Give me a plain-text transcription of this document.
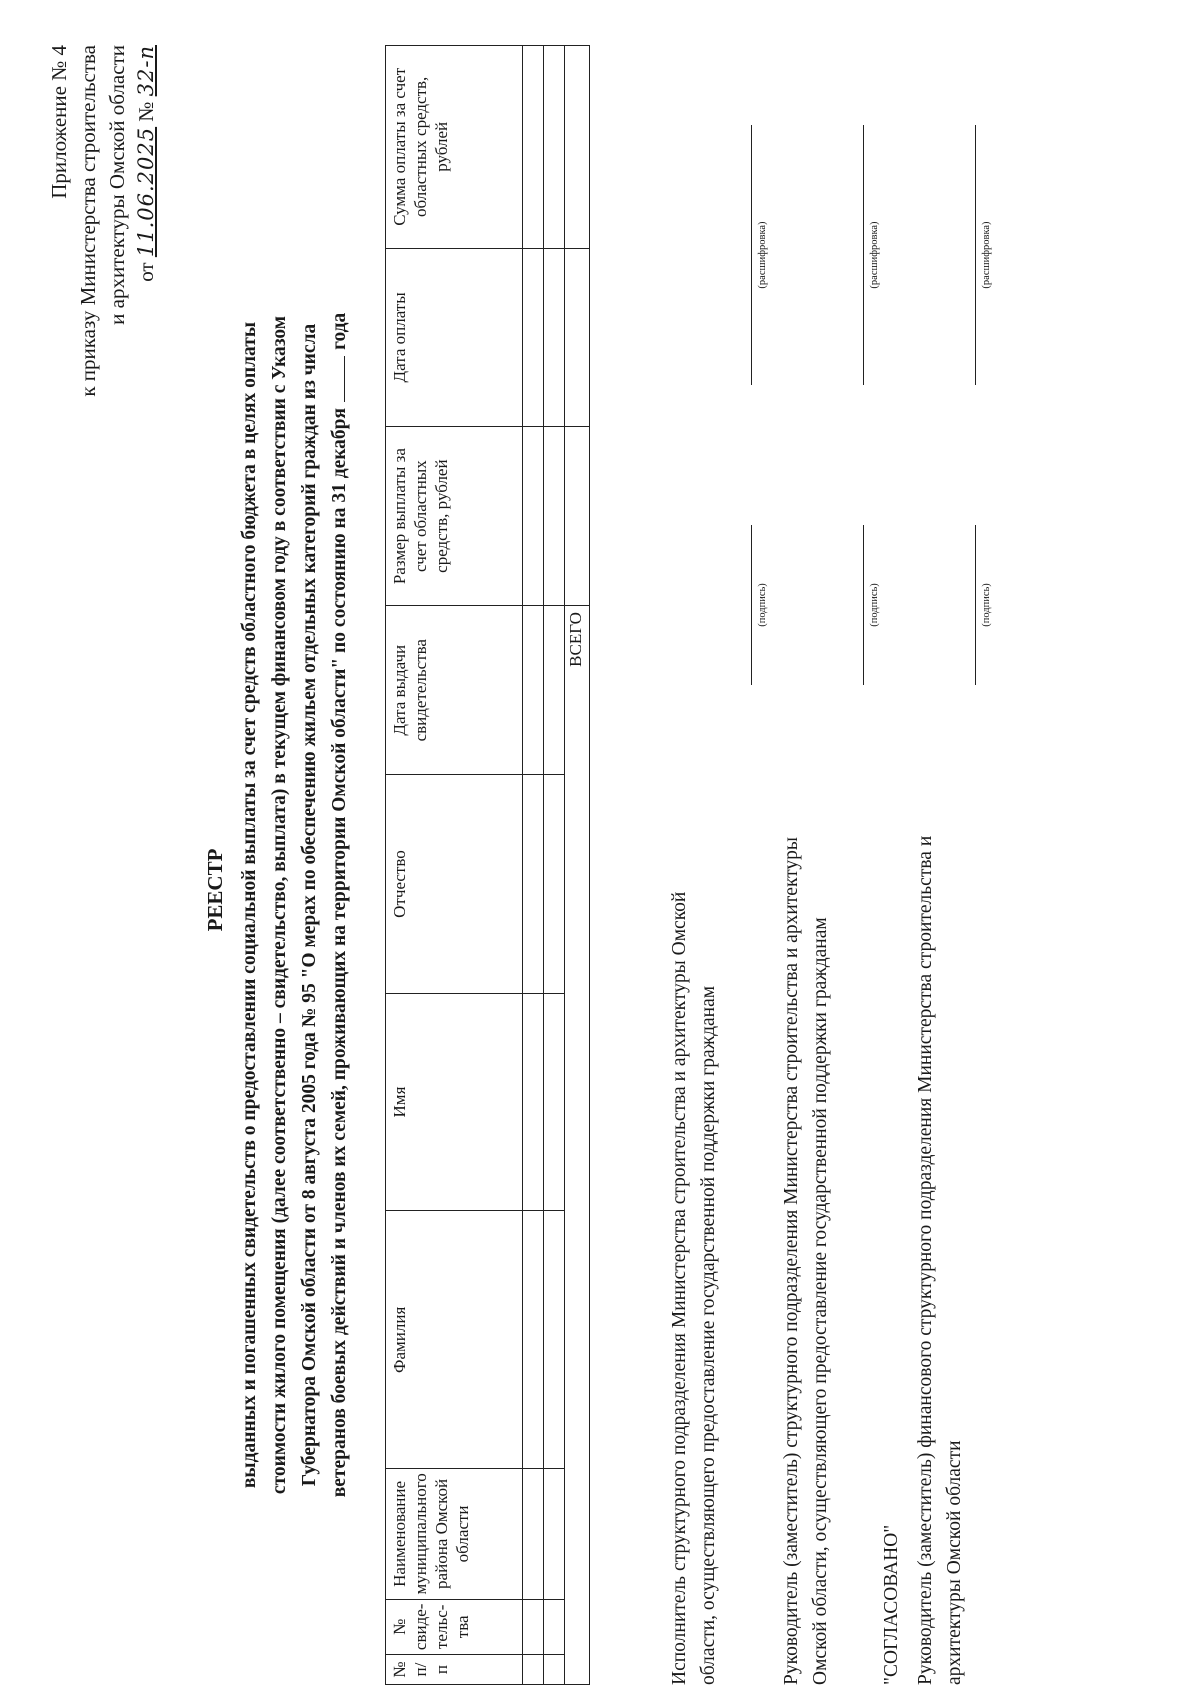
Приложение № 4 к приказу Министерства строительства и архитектуры Омской области от 11.06.2025 № 32-п
РЕЕСТР выданных и погашенных свидетельств о предоставлении социальной выплаты за счет средств областного бюджета в целях оплаты стоимости жилого помещения (далее соответственно – свидетельство, выплата) в текущем финансовом году в соответствии с Указом Губернатора Омской области от 8 августа 2005 года № 95 "О мерах по обеспечению жильем отдельных категорий граждан из числа ветеранов боевых действий и членов их семей, проживающих на территории Омской области" по состоянию на 31 декабрягода
№ п/п	№ свиде-тельс-тва	Наименование муниципального района Омской области	Фамилия	Имя	Отчество	Дата выдачи свидетельства	Размер выплаты за счет областных средств, рублей	Дата оплаты	Сумма оплаты за счет областных средств, рублей

ВСЕГО									
Исполнитель структурного подразделения Министерства строительства и архитектуры Омской области, осуществляющего предоставление государственной поддержки гражданам
(подпись)
(расшифровка)
Руководитель (заместитель) структурного подразделения Министерства строительства и архитектуры Омской области, осуществляющего предоставление государственной поддержки гражданам
(подпись)
(расшифровка)
"СОГЛАСОВАНО" Руководитель (заместитель) финансового структурного подразделения Министерства строительства и архитектуры Омской области
(подпись)
(расшифровка)
